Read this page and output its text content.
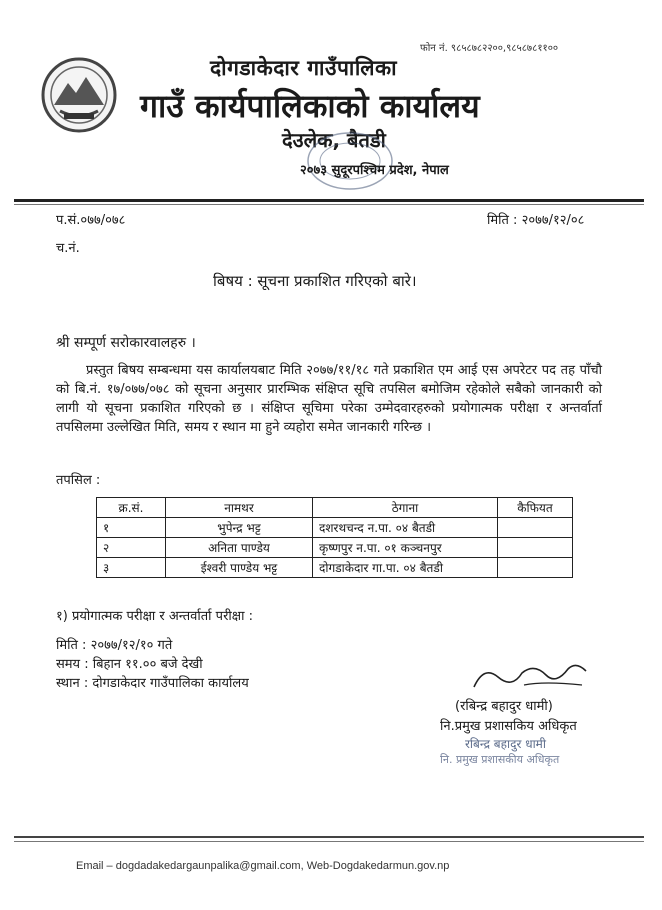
फोन नं. ९८५८७८२२००,९८५८७८११००
दोगडाकेदार गाउँपालिका
गाउँ कार्यपालिकाको कार्यालय
देउलेक, बैतडी
२०७३ सुदूरपश्चिम प्रदेश, नेपाल
प.सं.०७७/०७८	मिति : २०७७/१२/०८
च.नं.
बिषय : सूचना प्रकाशित गरिएको बारे।
श्री सम्पूर्ण सरोकारवालहरु ।

प्रस्तुत बिषय सम्बन्धमा यस कार्यालयबाट मिति २०७७/११/१८ गते प्रकाशित एम आई एस अपरेटर पद तह पाँचौ को बि.नं. १७/०७७/०७८ को सूचना अनुसार प्रारम्भिक संक्षिप्त सूचि तपसिल बमोजिम रहेकोले सबैको जानकारी को लागी यो सूचना प्रकाशित गरिएको छ । संक्षिप्त सूचिमा परेका उम्मेदवारहरुको प्रयोगात्मक परीक्षा र अन्तर्वार्ता तपसिलमा उल्लेखित मिति, समय र स्थान मा हुने व्यहोरा समेत जानकारी गरिन्छ ।

तपसिल :
क्र.सं.	नामथर	ठेगाना	कैफियत
१	भुपेन्द्र भट्ट	दशरथचन्द न.पा. ०४ बैतडी	
२	अनिता पाण्डेय	कृष्णपुर न.पा. ०१ कञ्चनपुर	
३	ईश्वरी पाण्डेय भट्ट	दोगडाकेदार गा.पा. ०४ बैतडी	
१) प्रयोगात्मक परीक्षा र अन्तर्वार्ता परीक्षा :
मिति : २०७७/१२/१० गते
समय : बिहान ११.०० बजे देखी
स्थान : दोगडाकेदार गाउँपालिका कार्यालय
(रबिन्द्र बहादुर धामी)
नि.प्रमुख प्रशासकिय अधिकृत
रबिन्द्र बहादुर धामी
नि. प्रमुख प्रशासकीय अधिकृत
Email – dogdadakedargaunpalika@gmail.com, Web-Dogdakedarmun.gov.np
